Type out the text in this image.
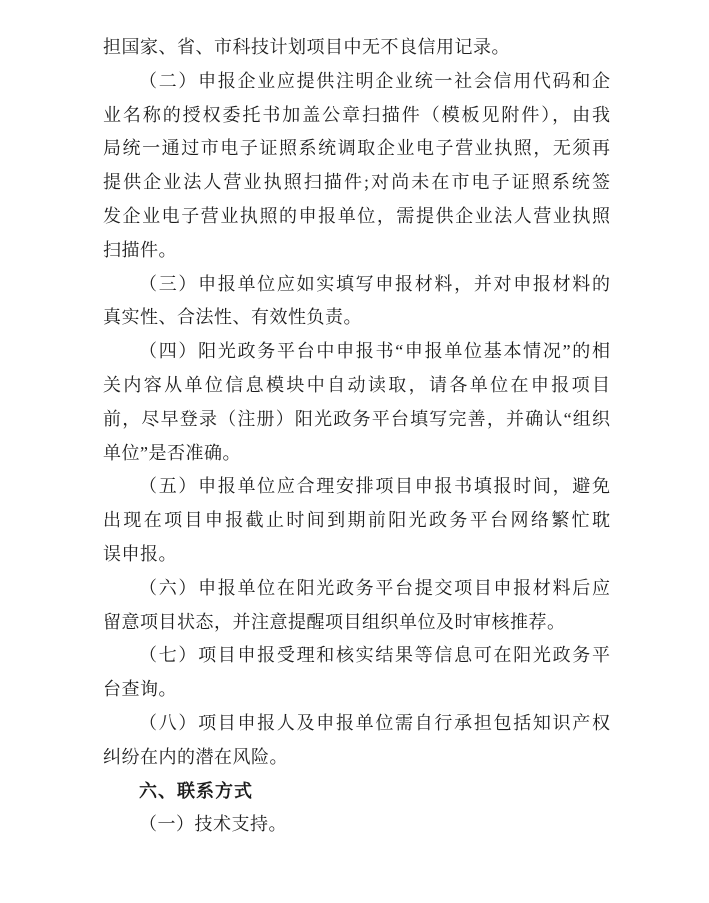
担国家、省、市科技计划项目中无不良信用记录。
（二）申报企业应提供注明企业统一社会信用代码和企
业名称的授权委托书加盖公章扫描件（模板见附件），由我
局统一通过市电子证照系统调取企业电子营业执照，无须再
提供企业法人营业执照扫描件;对尚未在市电子证照系统签
发企业电子营业执照的申报单位，需提供企业法人营业执照
扫描件。
（三）申报单位应如实填写申报材料，并对申报材料的
真实性、合法性、有效性负责。
（四）阳光政务平台中申报书“申报单位基本情况”的相
关内容从单位信息模块中自动读取，请各单位在申报项目
前，尽早登录（注册）阳光政务平台填写完善，并确认“组织
单位”是否准确。
（五）申报单位应合理安排项目申报书填报时间，避免
出现在项目申报截止时间到期前阳光政务平台网络繁忙耽
误申报。
（六）申报单位在阳光政务平台提交项目申报材料后应
留意项目状态，并注意提醒项目组织单位及时审核推荐。
（七）项目申报受理和核实结果等信息可在阳光政务平
台查询。
（八）项目申报人及申报单位需自行承担包括知识产权
纠纷在内的潜在风险。
六、联系方式
（一）技术支持。
